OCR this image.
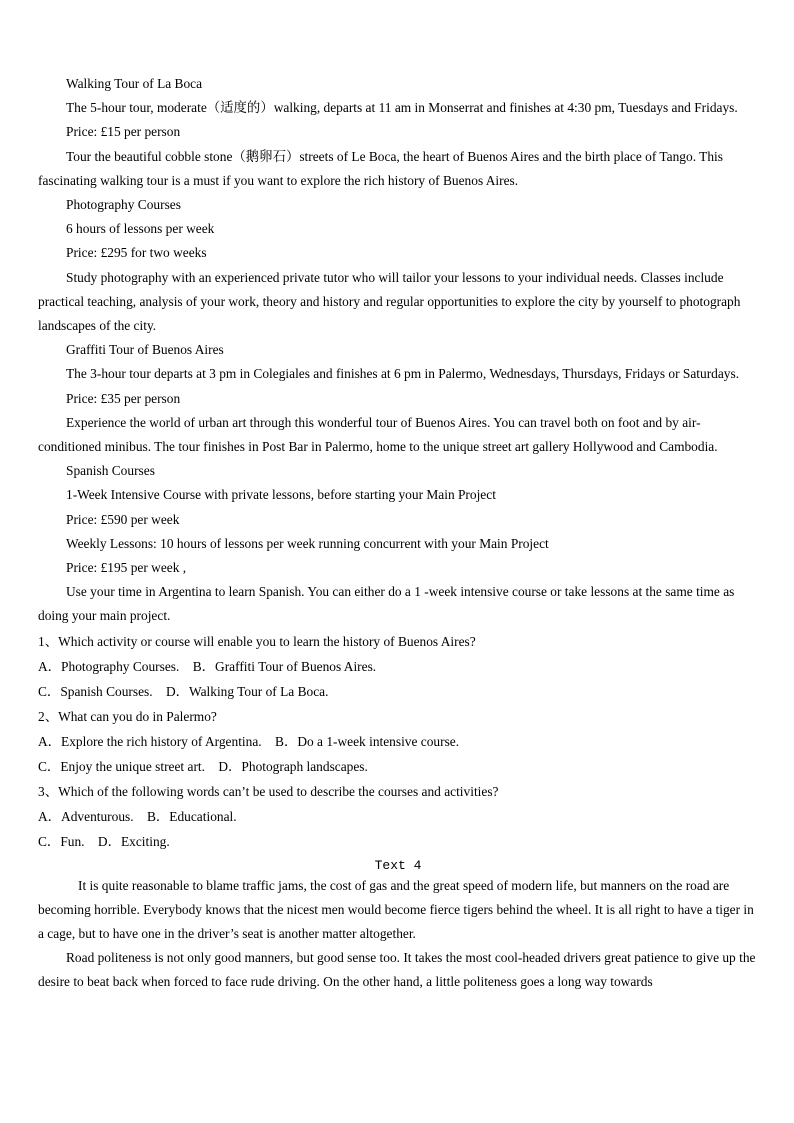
Walking Tour of La Boca

The 5-hour tour, moderate（适度的）walking, departs at 11 am in Monserrat and finishes at 4:30 pm, Tuesdays and Fridays.

Price: £15 per person

Tour the beautiful cobble stone（鹅卵石）streets of Le Boca, the heart of Buenos Aires and the birth place of Tango. This fascinating walking tour is a must if you want to explore the rich history of Buenos Aires.

Photography Courses

6 hours of lessons per week

Price: £295 for two weeks

Study photography with an experienced private tutor who will tailor your lessons to your individual needs. Classes include practical teaching, analysis of your work, theory and history and regular opportunities to explore the city by yourself to photograph landscapes of the city.

Graffiti Tour of Buenos Aires

The 3-hour tour departs at 3 pm in Colegiales and finishes at 6 pm in Palermo, Wednesdays, Thursdays, Fridays or Saturdays.

Price: £35 per person

Experience the world of urban art through this wonderful tour of Buenos Aires. You can travel both on foot and by air-conditioned minibus. The tour finishes in Post Bar in Palermo, home to the unique street art gallery Hollywood and Cambodia.

Spanish Courses

1-Week Intensive Course with private lessons, before starting your Main Project

Price: £590 per week

Weekly Lessons: 10 hours of lessons per week running concurrent with your Main Project

Price: £195 per week ,

Use your time in Argentina to learn Spanish. You can either do a 1 -week intensive course or take lessons at the same time as doing your main project.

1、Which activity or course will enable you to learn the history of Buenos Aires?

A．Photography Courses.　B．Graffiti Tour of Buenos Aires.

C．Spanish Courses.　D．Walking Tour of La Boca.

2、What can you do in Palermo?

A．Explore the rich history of Argentina.　B．Do a 1-week intensive course.

C．Enjoy the unique street art.　D．Photograph landscapes.

3、Which of the following words can’t be used to describe the courses and activities?

A．Adventurous.　B．Educational.

C．Fun.　D．Exciting.

Text 4

It is quite reasonable to blame traffic jams, the cost of gas and the great speed of modern life, but manners on the road are becoming horrible. Everybody knows that the nicest men would become fierce tigers behind the wheel. It is all right to have a tiger in a cage, but to have one in the driver’s seat is another matter altogether.

Road politeness is not only good manners, but good sense too. It takes the most cool-headed drivers great patience to give up the desire to beat back when forced to face rude driving. On the other hand, a little politeness goes a long way towards
